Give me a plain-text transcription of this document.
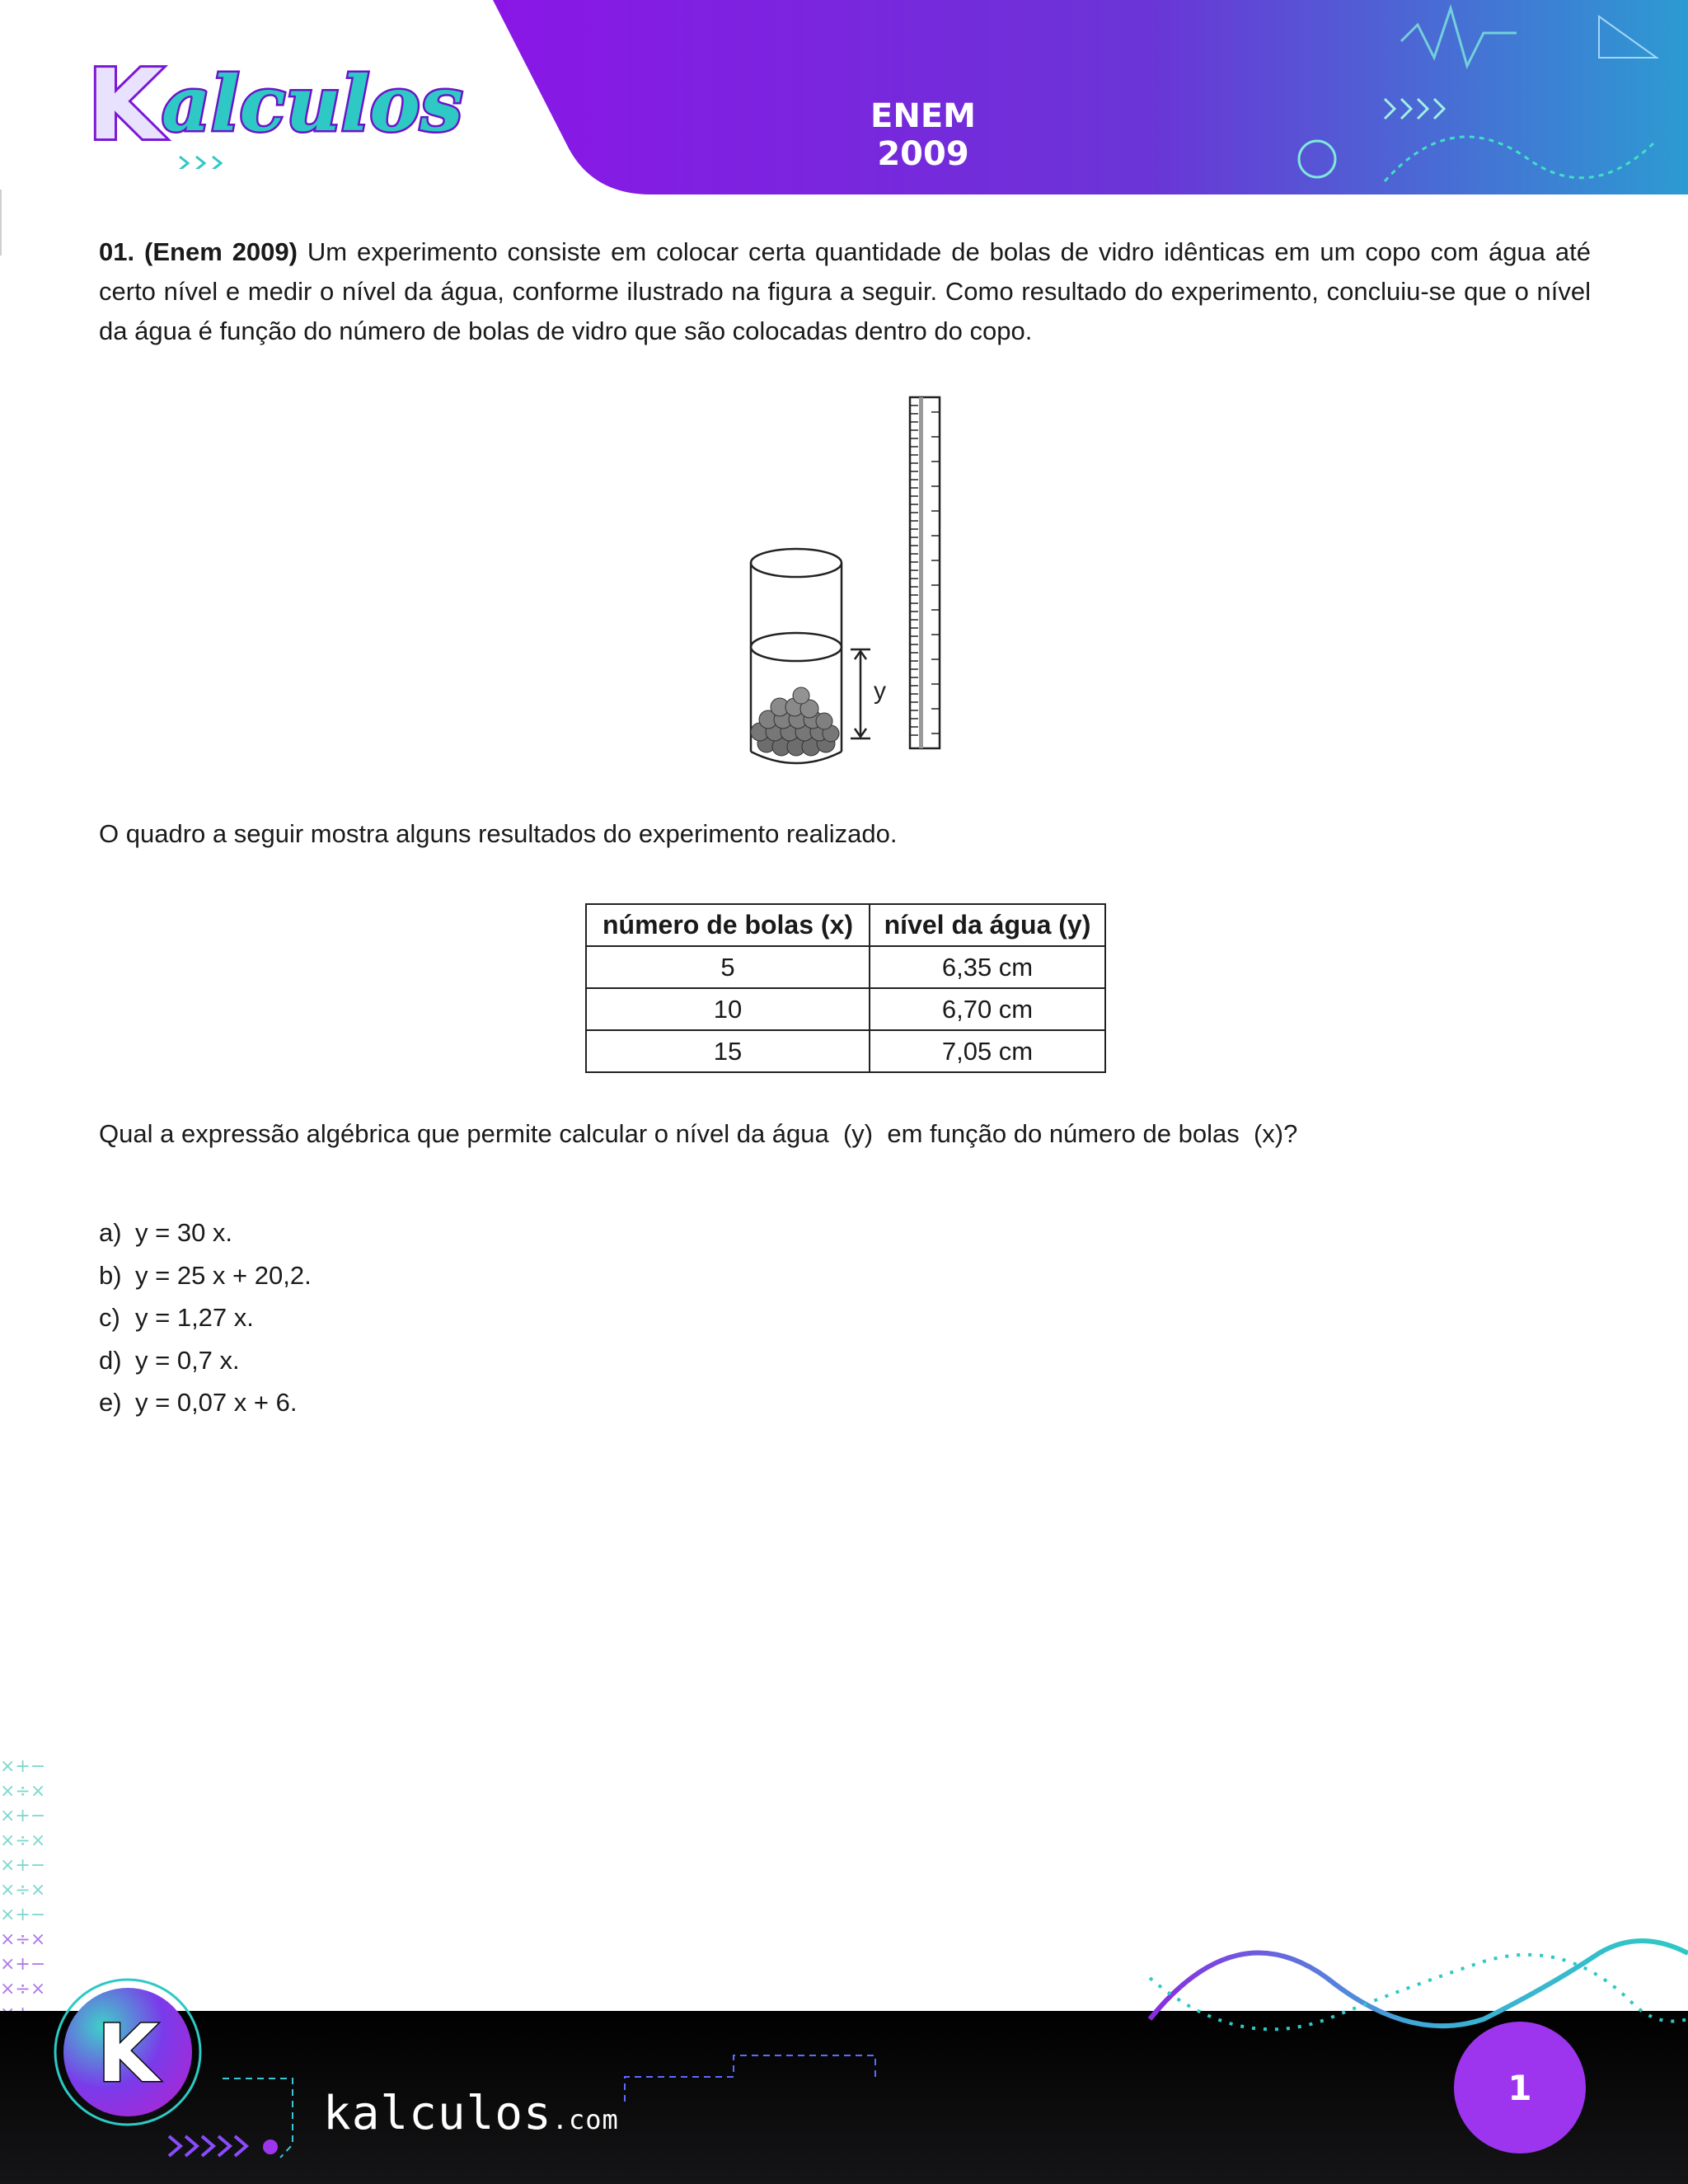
K
alculos	ENEM 2009
01. (Enem 2009) Um experimento consiste em colocar certa quantidade de bolas de vidro idênticas em um copo com água até certo nível e medir o nível da água, conforme ilustrado na figura a seguir. Como resultado do experimento, concluiu-se que o nível da água é função do número de bolas de vidro que são colocadas dentro do copo.
y
O quadro a seguir mostra alguns resultados do experimento realizado.
número de bolas (x)	nível da água (y)
5	6,35 cm
10	6,70 cm
15	7,05 cm
Qual a expressão algébrica que permite calcular o nível da água  (y)  em função do número de bolas  (x)?
a) y = 30 x.
b) y = 25 x + 20,2.
c) y = 1,27 x.
d) y = 0,7 x.
e) y = 0,07 x + 6.
×+−
×÷×
×+−
×÷×
×+−
×÷×
×+−
×÷×
×+−
×÷×
K
kalculos.com
1
